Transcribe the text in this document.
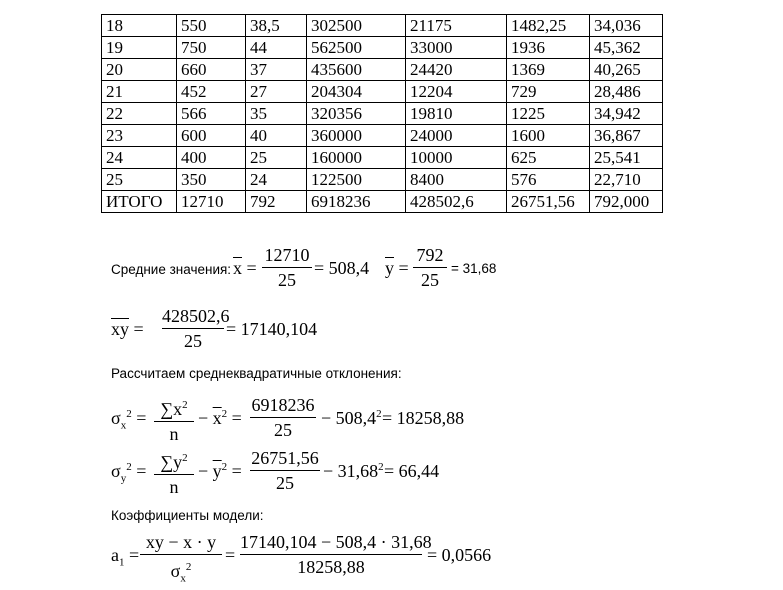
18	550	38,5	302500	21175	1482,25	34,036
19	750	44	562500	33000	1936	45,362
20	660	37	435600	24420	1369	40,265
21	452	27	204304	12204	729	28,486
22	566	35	320356	19810	1225	34,942
23	600	40	360000	24000	1600	36,867
24	400	25	160000	10000	625	25,541
25	350	24	122500	8400	576	22,710
ИТОГО	12710	792	6918236	428502,6	26751,56	792,000
Средние значения: $\overline{x}$ =
12710
25
= 508,4 $\overline{y}$ =
792
25
= 31,68
$\overline{xy}$ =
428502,6
25
= 17140,104
Рассчитаем среднеквадратичные отклонения:
$\sigma_x^2 = \sum x^2$
n
− $\overline{x}^2$ =
6918236
25
− $508,4^2 = 18258,88$
$\sigma_y^2 = \sum y^2$
n
− $\overline{y}^2$ =
26751,56
25
− $31,68^2 = 66,44$
Коэффициенты модели:
$a_1$ =
xy − x · y
$\sigma_x^2$
=
17140,104 − 508,4 · 31,68
18258,88
= 0,0566
